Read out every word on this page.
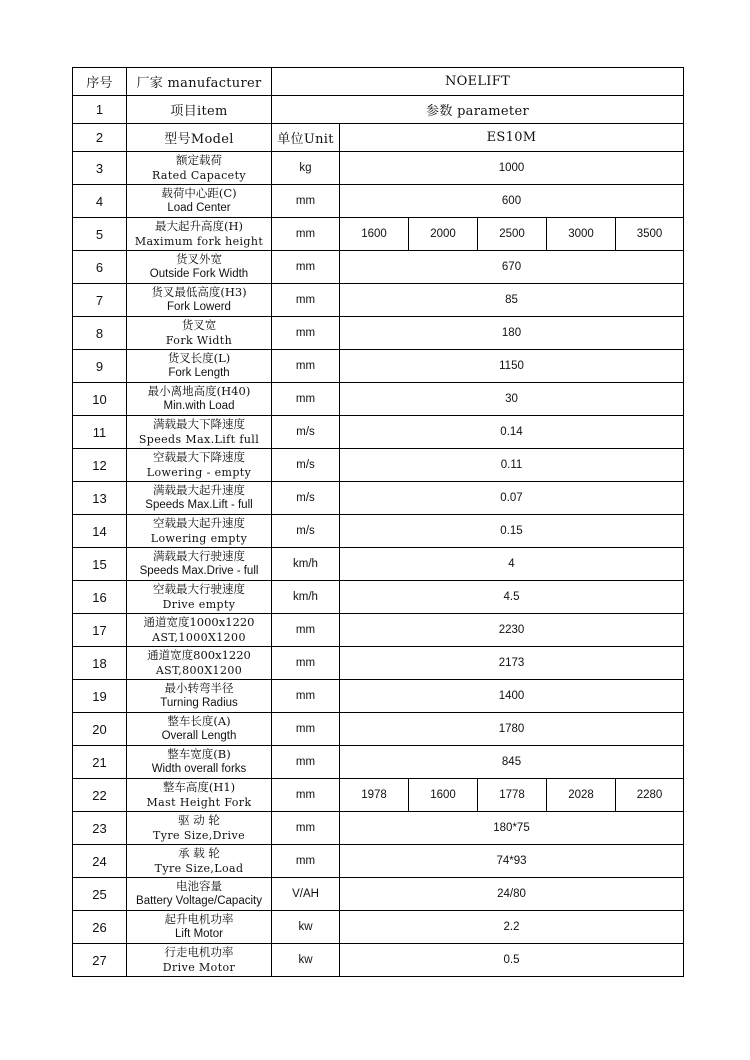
序号	厂家 manufacturer	NOELIFT					
1	项目item	参数 parameter					
2	型号Model	单位Unit	ES10M				
3	额定载荷
Rated Capacety	kg	1000				
4	载荷中心距(C)
Load Center	mm	600				
5	最大起升高度(H)
Maximum fork height	mm	1600	2000	2500	3000	3500
6	货叉外宽
Outside Fork Width	mm	670				
7	货叉最低高度(H3)
Fork Lowerd	mm	85				
8	货叉宽
Fork Width	mm	180				
9	货叉长度(L)
Fork Length	mm	1150				
10	最小离地高度(H40)
Min.with Load	mm	30				
11	满载最大下降速度
Speeds Max.Lift full	m/s	0.14				
12	空载最大下降速度
Lowering - empty	m/s	0.11				
13	满载最大起升速度
Speeds Max.Lift - full	m/s	0.07				
14	空载最大起升速度
Lowering empty	m/s	0.15				
15	满载最大行驶速度
Speeds Max.Drive - full	km/h	4				
16	空载最大行驶速度
Drive empty	km/h	4.5				
17	通道宽度1000x1220
AST,1000X1200	mm	2230				
18	通道宽度800x1220
AST,800X1200	mm	2173				
19	最小转弯半径
Turning Radius	mm	1400				
20	整车长度(A)
Overall Length	mm	1780				
21	整车宽度(B)
Width overall forks	mm	845				
22	整车高度(H1)
Mast Height Fork	mm	1978	1600	1778	2028	2280
23	驱 动 轮
Tyre Size,Drive	mm	180*75				
24	承 载 轮
Tyre Size,Load	mm	74*93				
25	电池容量
Battery Voltage/Capacity	V/AH	24/80				
26	起升电机功率
Lift Motor	kw	2.2				
27	行走电机功率
Drive Motor	kw	0.5				
